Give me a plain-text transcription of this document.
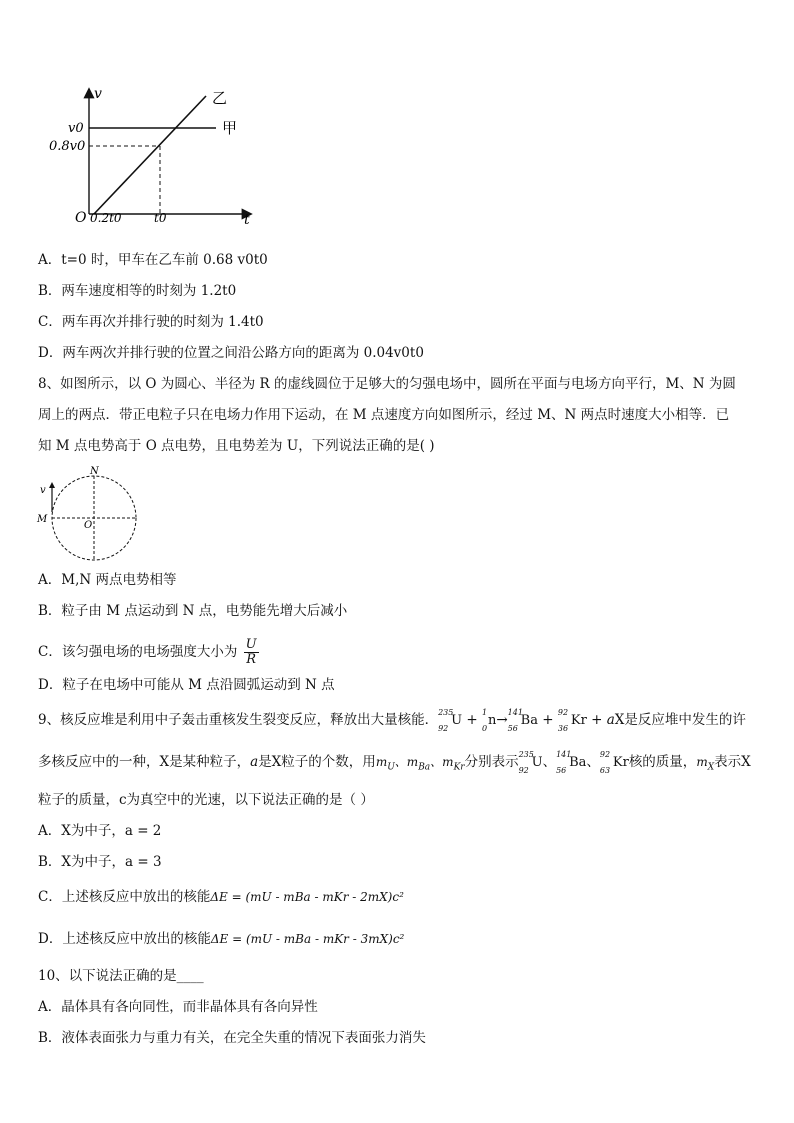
v
t
O
乙
甲
v0
0.8v0
0.2t0	t0
A．t=0 时，甲车在乙车前 0.68 v0t0
B．两车速度相等的时刻为 1.2t0
C．两车再次并排行驶的时刻为 1.4t0
D．两车两次并排行驶的位置之间沿公路方向的距离为 0.04v0t0
8、如图所示，以 O 为圆心、半径为 R 的虚线圆位于足够大的匀强电场中，圆所在平面与电场方向平行，M、N 为圆
周上的两点．带正电粒子只在电场力作用下运动，在 M 点速度方向如图所示，经过 M、N 两点时速度大小相等．已
知 M 点电势高于 O 点电势，且电势差为 U，下列说法正确的是( )
N
M
O
v
A．M,N 两点电势相等
B．粒子由 M 点运动到 N 点，电势能先增大后减小
C．该匀强电场的电场强度大小为 $\frac{U}{R}$
D．粒子在电场中可能从 M 点沿圆弧运动到 N 点
9、核反应堆是利用中子轰击重核发生裂变反应，释放出大量核能． 235
92
U + 1
0
n→ 141
56
Ba + 92
36
Kr + aX是反应堆中发生的许
多核反应中的一种，X是某种粒子，a是X粒子的个数，用$m_U$、$m_{Ba}$、$m_{Kr}$分别表示 235
92
U、 141
56
Ba、 92
63
Kr核的质量，$m_X$表示X
粒子的质量，c为真空中的光速，以下说法正确的是（ ）
A．X为中子，a = 2
B．X为中子，a = 3
C．上述核反应中放出的核能ΔE = (mU - mBa - mKr - 2mX)c²
D．上述核反应中放出的核能ΔE = (mU - mBa - mKr - 3mX)c²
10、以下说法正确的是____
A．晶体具有各向同性，而非晶体具有各向异性
B．液体表面张力与重力有关，在完全失重的情况下表面张力消失
